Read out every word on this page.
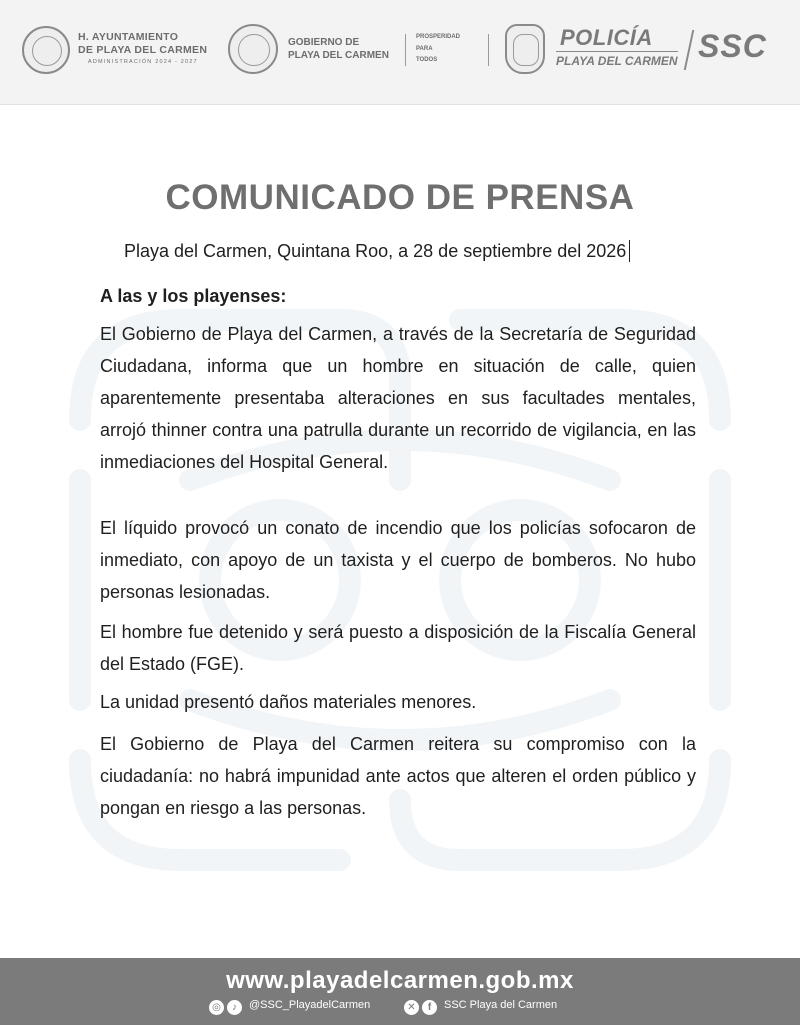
H. AYUNTAMIENTO
DE PLAYA DEL CARMEN
ADMINISTRACIÓN 2024 - 2027
GOBIERNO DE
PLAYA DEL CARMEN
PROSPERIDAD
PARA
TODOS
POLICÍA
PLAYA DEL CARMEN SSC
COMUNICADO DE PRENSA
Playa del Carmen, Quintana Roo, a 28 de septiembre del 2026
A las y los playenses:

El Gobierno de Playa del Carmen, a través de la Secretaría de Seguridad Ciudadana, informa que un hombre en situación de calle, quien aparentemente presentaba alteraciones en sus facultades mentales, arrojó thinner contra una patrulla durante un recorrido de vigilancia, en las inmediaciones del Hospital General.

El líquido provocó un conato de incendio que los policías sofocaron de inmediato, con apoyo de un taxista y el cuerpo de bomberos. No hubo personas lesionadas.

El hombre fue detenido y será puesto a disposición de la Fiscalía General del Estado (FGE).

La unidad presentó daños materiales menores.

El Gobierno de Playa del Carmen reitera su compromiso con la ciudadanía: no habrá impunidad ante actos que alteren el orden público y pongan en riesgo a las personas.

www.playadelcarmen.gob.mx
◎	♪	@SSC_PlayadelCarmen	✕	f	SSC Playa del Carmen
